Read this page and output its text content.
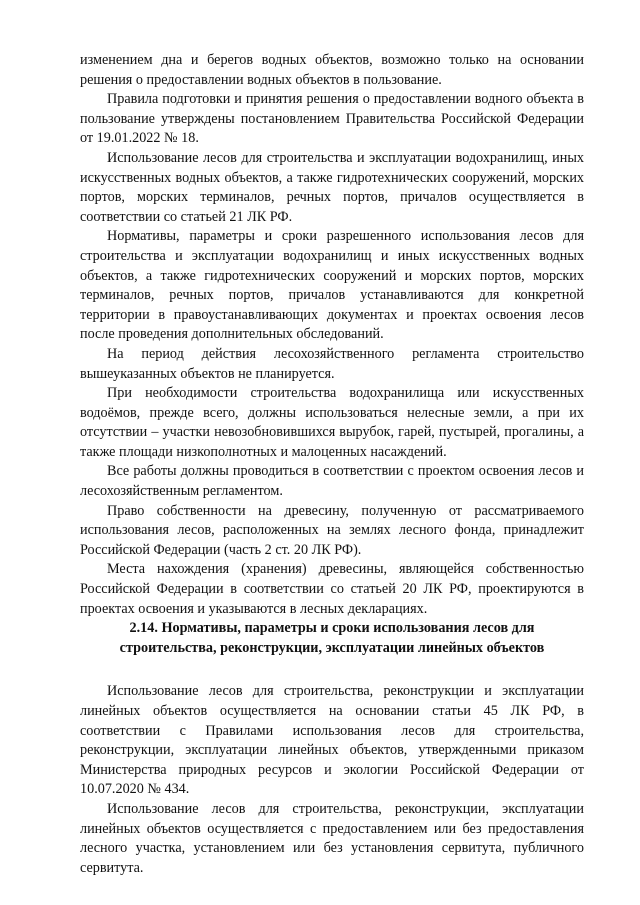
изменением дна и берегов водных объектов, возможно только на основании решения о предоставлении водных объектов в пользование.

Правила подготовки и принятия решения о предоставлении водного объекта в пользование утверждены постановлением Правительства Российской Федерации от 19.01.2022 № 18.

Использование лесов для строительства и эксплуатации водохранилищ, иных искусственных водных объектов, а также гидротехнических сооружений, морских портов, морских терминалов, речных портов, причалов осуществляется в соответствии со статьей 21 ЛК РФ.

Нормативы, параметры и сроки разрешенного использования лесов для строительства и эксплуатации водохранилищ и иных искусственных водных объектов, а также гидротехнических сооружений и морских портов, морских терминалов, речных портов, причалов устанавливаются для конкретной территории в правоустанавливающих документах и проектах освоения лесов после проведения дополнительных обследований.

На период действия лесохозяйственного регламента строительство вышеуказанных объектов не планируется.

При необходимости строительства водохранилища или искусственных водоёмов, прежде всего, должны использоваться нелесные земли, а при их отсутствии – участки невозобновившихся вырубок, гарей, пустырей, прогалины, а также площади низкополнотных и малоценных насаждений.

Все работы должны проводиться в соответствии с проектом освоения лесов и лесохозяйственным регламентом.

Право собственности на древесину, полученную от рассматриваемого использования лесов, расположенных на землях лесного фонда, принадлежит Российской Федерации (часть 2 ст. 20 ЛК РФ).

Места нахождения (хранения) древесины, являющейся собственностью Российской Федерации в соответствии со статьей 20 ЛК РФ, проектируются в проектах освоения и указываются в лесных декларациях.

2.14. Нормативы, параметры и сроки использования лесов для строительства, реконструкции, эксплуатации линейных объектов

Использование лесов для строительства, реконструкции и эксплуатации линейных объектов осуществляется на основании статьи 45 ЛК РФ, в соответствии с Правилами использования лесов для строительства, реконструкции, эксплуатации линейных объектов, утвержденными приказом Министерства природных ресурсов и экологии Российской Федерации от 10.07.2020 № 434.

Использование лесов для строительства, реконструкции, эксплуатации линейных объектов осуществляется с предоставлением или без предоставления лесного участка, установлением или без установления сервитута, публичного сервитута.
